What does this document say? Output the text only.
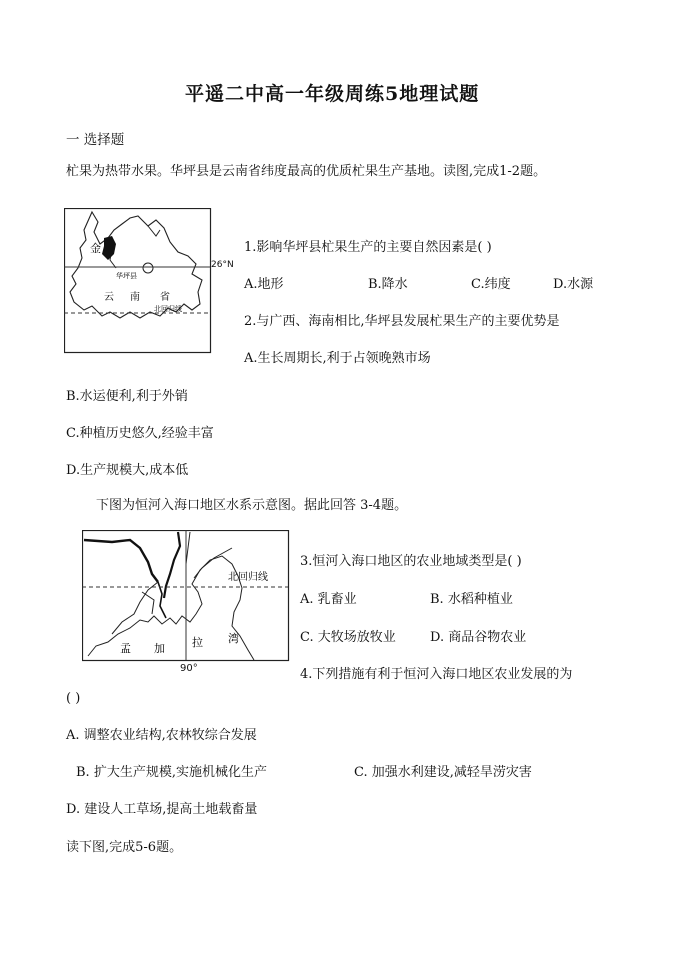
平遥二中高一年级周练5地理试题
一 选择题
杧果为热带水果。华坪县是云南省纬度最高的优质杧果生产基地。读图,完成1-2题。
金
华坪县
云 南 省
北回归线
26°N
1.影响华坪县杧果生产的主要自然因素是( )
A.地形	B.降水	C.纬度	D.水源
2.与广西、海南相比,华坪县发展杧果生产的主要优势是
A.生长周期长,利于占领晚熟市场
B.水运便利,利于外销
C.种植历史悠久,经验丰富
D.生产规模大,成本低
下图为恒河入海口地区水系示意图。据此回答 3-4题。
北回归线
孟 加 拉 湾
90°
3.恒河入海口地区的农业地域类型是( )
A. 乳畜业	B. 水稻种植业
C. 大牧场放牧业	D. 商品谷物农业
4.下列措施有利于恒河入海口地区农业发展的为
( )
A. 调整农业结构,农林牧综合发展
B. 扩大生产规模,实施机械化生产	C. 加强水利建设,减轻旱涝灾害
D. 建设人工草场,提高土地载畜量
读下图,完成5-6题。
